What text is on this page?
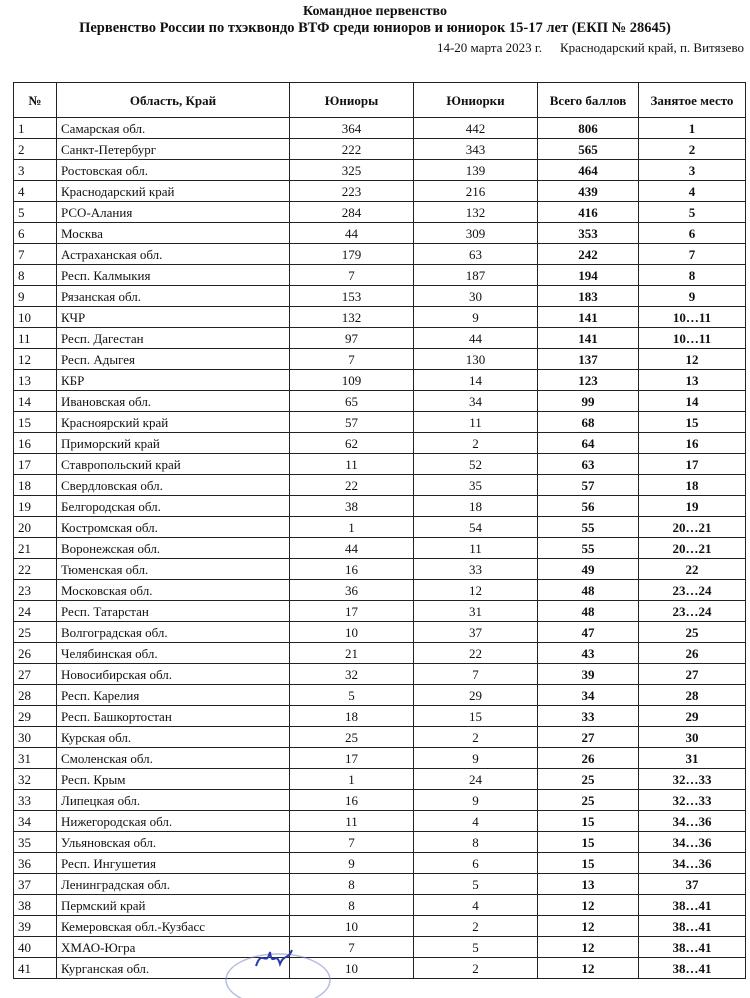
Командное первенство
Первенство России по тхэквондо ВТФ среди юниоров и юниорок 15-17 лет (ЕКП № 28645)
14-20 марта 2023 г. Краснодарский край, п. Витязево
№	Область, Край	Юниоры	Юниорки	Всего баллов	Занятое место
1	Самарская обл.	364	442	806	1
2	Санкт-Петербург	222	343	565	2
3	Ростовская обл.	325	139	464	3
4	Краснодарский край	223	216	439	4
5	РСО-Алания	284	132	416	5
6	Москва	44	309	353	6
7	Астраханская обл.	179	63	242	7
8	Респ. Калмыкия	7	187	194	8
9	Рязанская обл.	153	30	183	9
10	КЧР	132	9	141	10…11
11	Респ. Дагестан	97	44	141	10…11
12	Респ. Адыгея	7	130	137	12
13	КБР	109	14	123	13
14	Ивановская обл.	65	34	99	14
15	Красноярский край	57	11	68	15
16	Приморский край	62	2	64	16
17	Ставропольский край	11	52	63	17
18	Свердловская обл.	22	35	57	18
19	Белгородская обл.	38	18	56	19
20	Костромская обл.	1	54	55	20…21
21	Воронежская обл.	44	11	55	20…21
22	Тюменская обл.	16	33	49	22
23	Московская обл.	36	12	48	23…24
24	Респ. Татарстан	17	31	48	23…24
25	Волгоградская обл.	10	37	47	25
26	Челябинская обл.	21	22	43	26
27	Новосибирская обл.	32	7	39	27
28	Респ. Карелия	5	29	34	28
29	Респ. Башкортостан	18	15	33	29
30	Курская обл.	25	2	27	30
31	Смоленская обл.	17	9	26	31
32	Респ. Крым	1	24	25	32…33
33	Липецкая обл.	16	9	25	32…33
34	Нижегородская обл.	11	4	15	34…36
35	Ульяновская обл.	7	8	15	34…36
36	Респ. Ингушетия	9	6	15	34…36
37	Ленинградская обл.	8	5	13	37
38	Пермский край	8	4	12	38…41
39	Кемеровская обл.-Кузбасс	10	2	12	38…41
40	ХМАО-Югра	7	5	12	38…41
41	Курганская обл.	10	2	12	38…41
